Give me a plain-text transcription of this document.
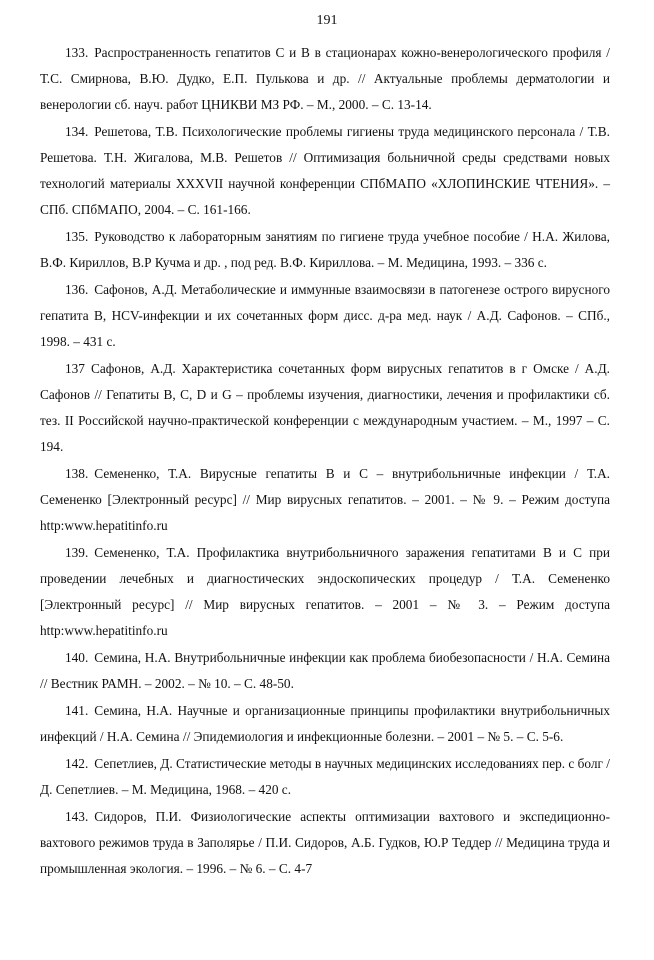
191
133. Распространенность гепатитов С и В в стационарах кожно-венерологического профиля / Т.С. Смирнова, В.Ю. Дудко, Е.П. Пулькова и др. // Актуальные проблемы дерматологии и венерологии сб. науч. работ ЦНИКВИ МЗ РФ. – М., 2000. – С. 13-14.
134. Решетова, Т.В. Психологические проблемы гигиены труда медицинского персонала / Т.В. Решетова. Т.Н. Жигалова, М.В. Решетов // Оптимизация больничной среды средствами новых технологий материалы XXXVII научной конференции СПбМАПО «ХЛОПИНСКИЕ ЧТЕНИЯ». – СПб. СПбМАПО, 2004. – С. 161-166.
135. Руководство к лабораторным занятиям по гигиене труда учебное пособие / Н.А. Жилова, В.Ф. Кириллов, В.Р Кучма и др. , под ред. В.Ф. Кириллова. – М. Медицина, 1993. – 336 с.
136. Сафонов, А.Д. Метаболические и иммунные взаимосвязи в патогенезе острого вирусного гепатита В, HCV-инфекции и их сочетанных форм дисс. д-ра мед. наук / А.Д. Сафонов. – СПб., 1998. – 431 с.
137 Сафонов, А.Д. Характеристика сочетанных форм вирусных гепатитов в г Омске / А.Д. Сафонов // Гепатиты B, C, D и G – проблемы изучения, диагностики, лечения и профилактики сб. тез. II Российской научно-практической конференции с международным участием. – М., 1997 – С. 194.
138. Семененко, Т.А. Вирусные гепатиты В и С – внутрибольничные инфекции / Т.А. Семененко [Электронный ресурс] // Мир вирусных гепатитов. – 2001. – № 9. – Режим доступа http:www.hepatitinfo.ru
139. Семененко, Т.А. Профилактика внутрибольничного заражения гепатитами В и С при проведении лечебных и диагностических эндоскопических процедур / Т.А. Семененко [Электронный ресурс] // Мир вирусных гепатитов. – 2001 – № 3. – Режим доступа http:www.hepatitinfo.ru
140. Семина, Н.А. Внутрибольничные инфекции как проблема биобезопасности / Н.А. Семина // Вестник РАМН. – 2002. – № 10. – С. 48-50.
141. Семина, Н.А. Научные и организационные принципы профилактики внутрибольничных инфекций / Н.А. Семина // Эпидемиология и инфекционные болезни. – 2001 – № 5. – С. 5-6.
142. Сепетлиев, Д. Статистические методы в научных медицинских исследованиях пер. с болг / Д. Сепетлиев. – М. Медицина, 1968. – 420 с.
143. Сидоров, П.И. Физиологические аспекты оптимизации вахтового и экспедиционно-вахтового режимов труда в Заполярье / П.И. Сидоров, А.Б. Гудков, Ю.Р Теддер // Медицина труда и промышленная экология. – 1996. – № 6. – С. 4-7
